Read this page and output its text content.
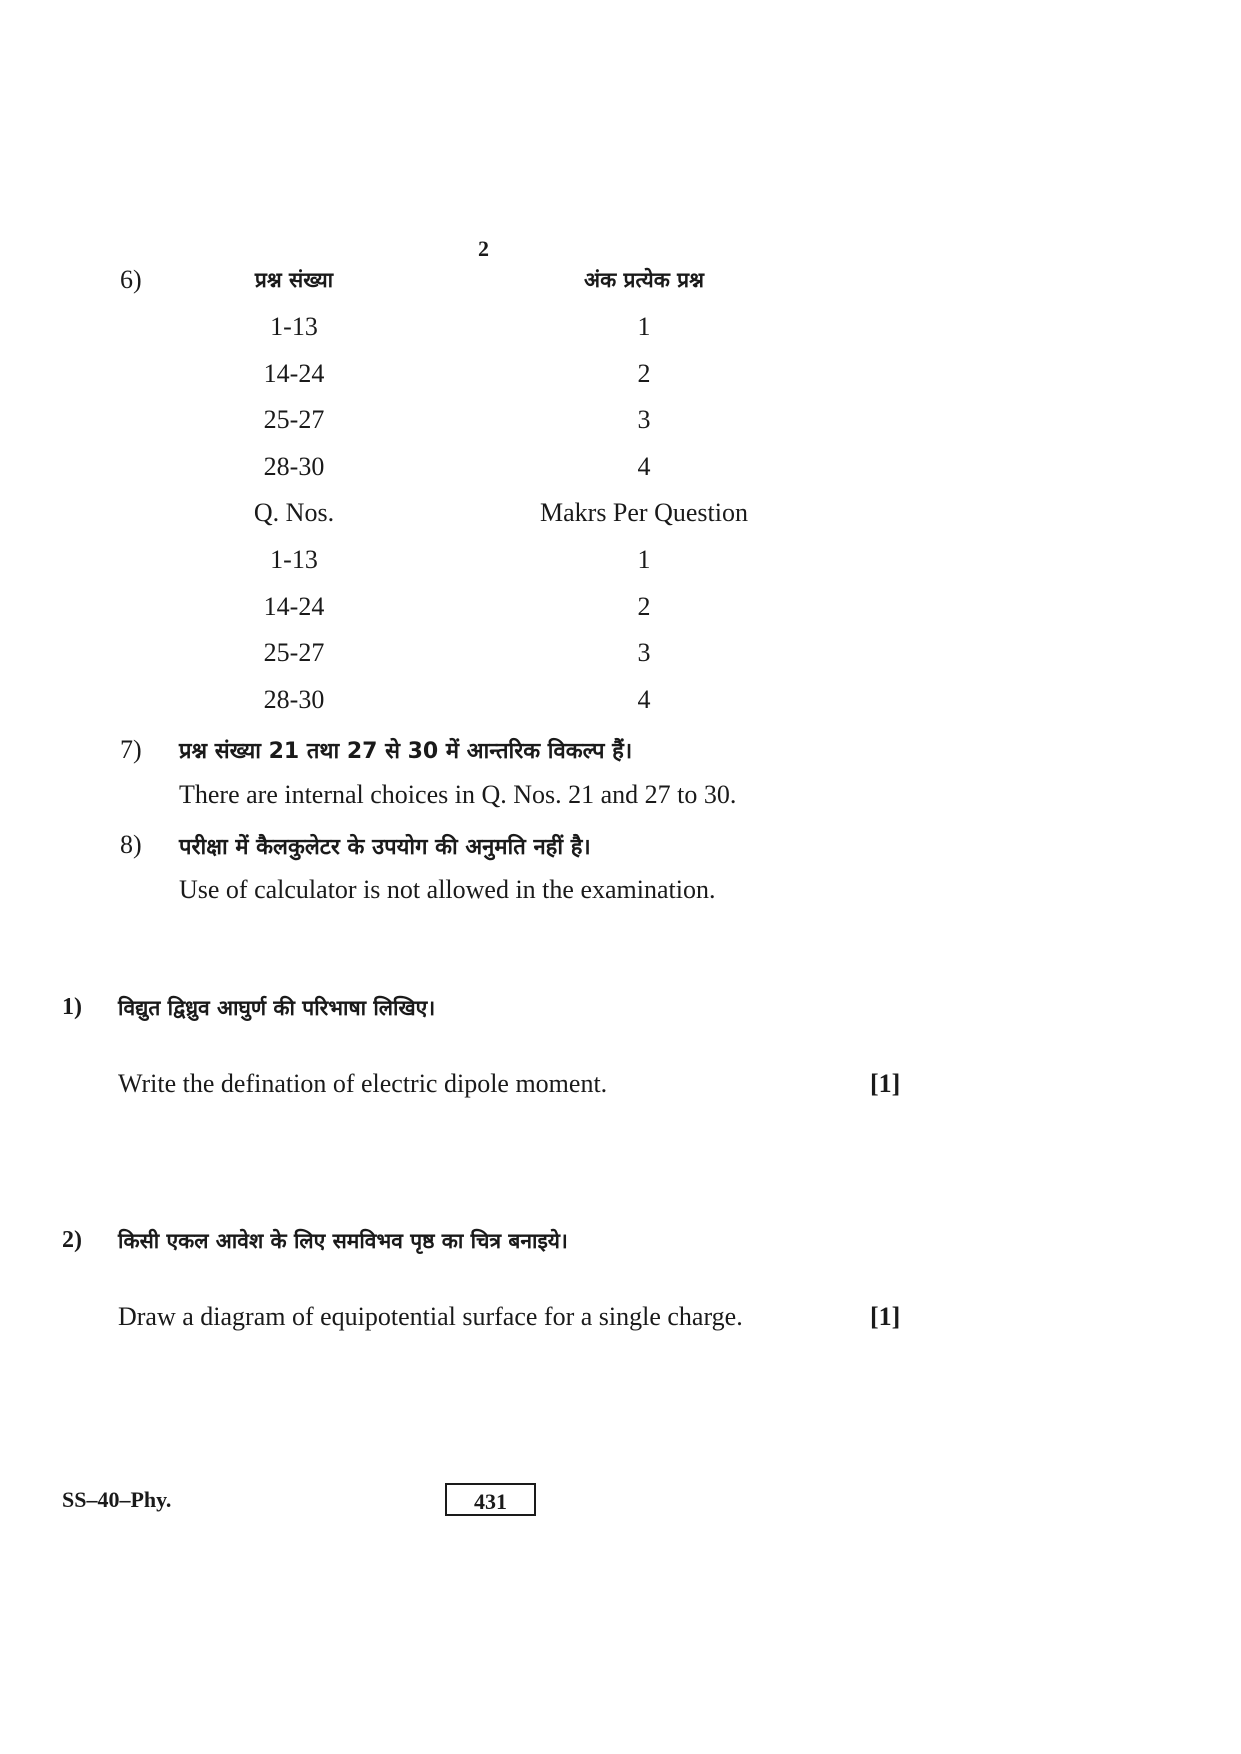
2
6)	प्रश्न संख्या	अंक प्रत्येक प्रश्न
1-13	1
14-24	2
25-27	3
28-30	4
Q. Nos.	Makrs Per Question
1-13	1
14-24	2
25-27	3
28-30	4
7) प्रश्न संख्या 21 तथा 27 से 30 में आन्तरिक विकल्प हैं।
There are internal choices in Q. Nos. 21 and 27 to 30.
8) परीक्षा में कैलकुलेटर के उपयोग की अनुमति नहीं है।
Use of calculator is not allowed in the examination.
1) विद्युत द्विध्रुव आघुर्ण की परिभाषा लिखिए।
Write the defination of electric dipole moment.	[1]
2) किसी एकल आवेश के लिए समविभव पृष्ठ का चित्र बनाइये।
Draw a diagram of equipotential surface for a single charge.	[1]
SS–40–Phy.	431
